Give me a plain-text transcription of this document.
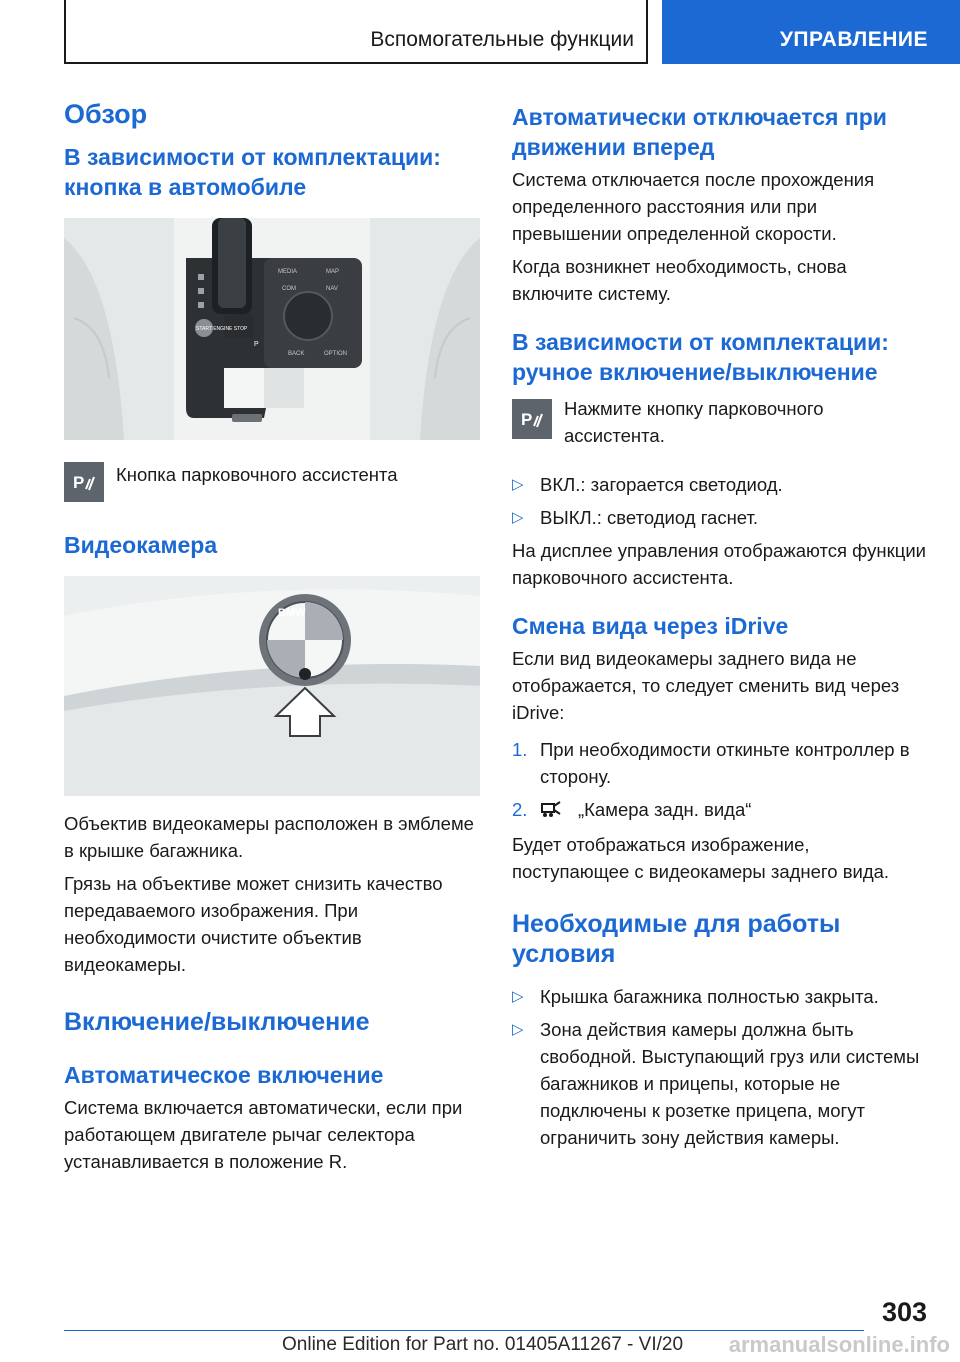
Вспомогательные функции	УПРАВЛЕНИЕ
Обзор
В зависимости от комплектации: кнопка в автомобиле
MEDIA
COM	NAV
MAP
BACK	OPTION
START ENGINE STOP
P
P Кнопка парковочного ассистента
Видеокамера
BMW
Объектив видеокамеры расположен в эмблеме в крышке багажника.
Грязь на объективе может снизить качество передаваемого изображения. При необходимости очистите объектив видеокамеры.
Включение/выключение
Автоматическое включение
Система включается автоматически, если при работающем двигателе рычаг селектора устанавливается в положение R.
Автоматически отключается при движении вперед
Система отключается после прохождения определенного расстояния или при превышении определенной скорости.
Когда возникнет необходимость, снова включите систему.
В зависимости от комплектации: ручное включение/выключение
P
Нажмите кнопку парковочного ассистента.
▷ ВКЛ.: загорается светодиод.
▷ ВЫКЛ.: светодиод гаснет.
На дисплее управления отображаются функции парковочного ассистента.
Смена вида через iDrive
Если вид видеокамеры заднего вида не отображается, то следует сменить вид через iDrive:
1. При необходимости откиньте контроллер в сторону.
2.	„Камера задн. вида“
Будет отображаться изображение, поступающее с видеокамеры заднего вида.
Необходимые для работы условия
▷ Крышка багажника полностью закрыта.
▷ Зона действия камеры должна быть свободной. Выступающий груз или системы багажников и прицепы, которые не подключены к розетке прицепа, могут ограничить зону действия камеры.
303
Online Edition for Part no. 01405A11267 - VI/20 armanualsonline.info
